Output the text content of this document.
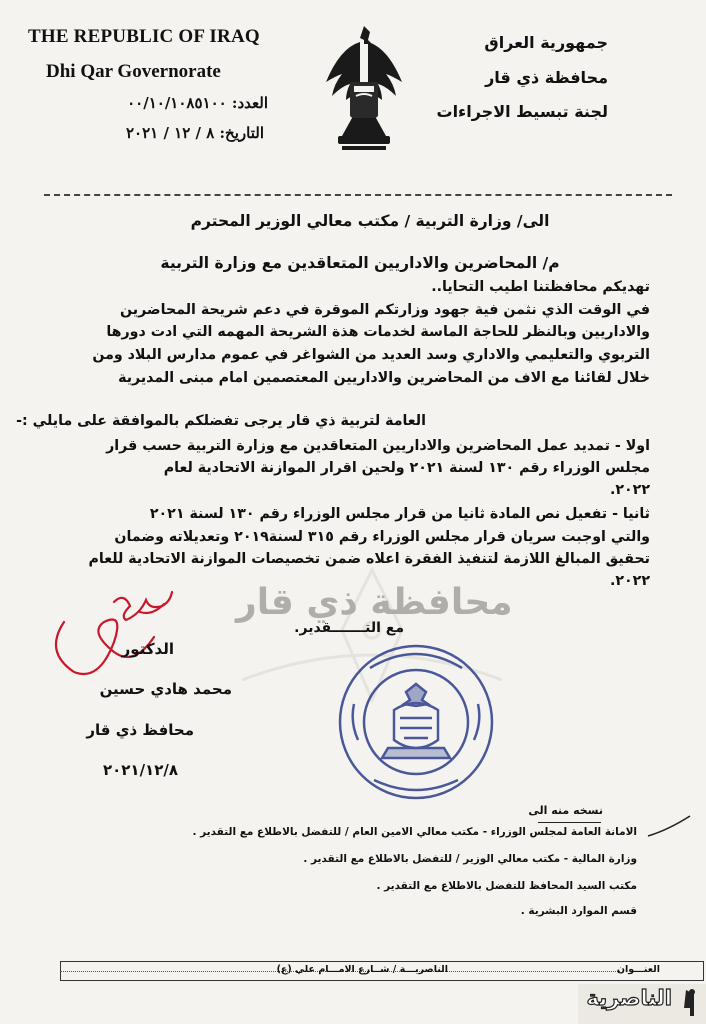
THE REPUBLIC OF IRAQ
Dhi Qar Governorate
العدد: ٠٠/١٠/١٠٨٥١٠٠
التاريخ: ٨ / ١٢ / ٢٠٢١
جمهورية العراق
محافظة ذي قار
لجنة تبسيط الاجراءات
الى/ وزارة التربية / مكتب معالي الوزير المحترم
م/ المحاضرين والاداريين المتعاقدين مع وزارة التربية
تهديكم محافظتنا اطيب التحايا..
في الوقت الذي نثمن فية جهود وزارتكم الموقرة في دعم شريحة المحاضرين
والاداريين وبالنظر للحاجة الماسة لخدمات هذة الشريحة المهمه التي ادت دورها
التربوي والتعليمي والاداري وسد العديد من الشواغر في عموم مدارس البلاد ومن
خلال لقائنا مع الاف من المحاضرين والاداريين المعتصمين امام مبنى المديرية
العامة لتربية ذي قار يرجى تفضلكم بالموافقة على مايلي :-
اولا - تمديد عمل المحاضرين والاداريين المتعاقدين مع وزارة التربية حسب قرار
مجلس الوزراء رقم ١٣٠ لسنة ٢٠٢١ ولحين اقرار الموازنة الاتحادية لعام
٢٠٢٢.
ثانيا - تفعيل نص المادة ثانيا من قرار مجلس الوزراء رقم ١٣٠ لسنة ٢٠٢١
والتي اوجبت سريان قرار مجلس الوزراء رقم ٣١٥ لسنة٢٠١٩ وتعديلاته وضمان
تحقيق المبالغ اللازمة لتنفيذ الفقرة اعلاه ضمن تخصيصات الموازنة الاتحادية للعام
٢٠٢٢.
محافظة ذي قار
مع التـــــــقدير.
الدكتور
محمد هادي حسين
محافظ ذي قار
٢٠٢١/١٢/٨
نسخه منه الى
الامانة العامة لمجلس الوزراء - مكتب معالي الامين العام / للتفضل بالاطلاع مع التقدير .
وزارة المالية - مكتب معالي الوزير / للتفضل بالاطلاع مع التقدير .
مكتب السيد المحافظ للتفضل بالاطلاع مع التقدير .
قسم الموارد البشرية .
العنـــوان
الناصريـــة / شــارع الامـــام علي (ع)
الناصرية
